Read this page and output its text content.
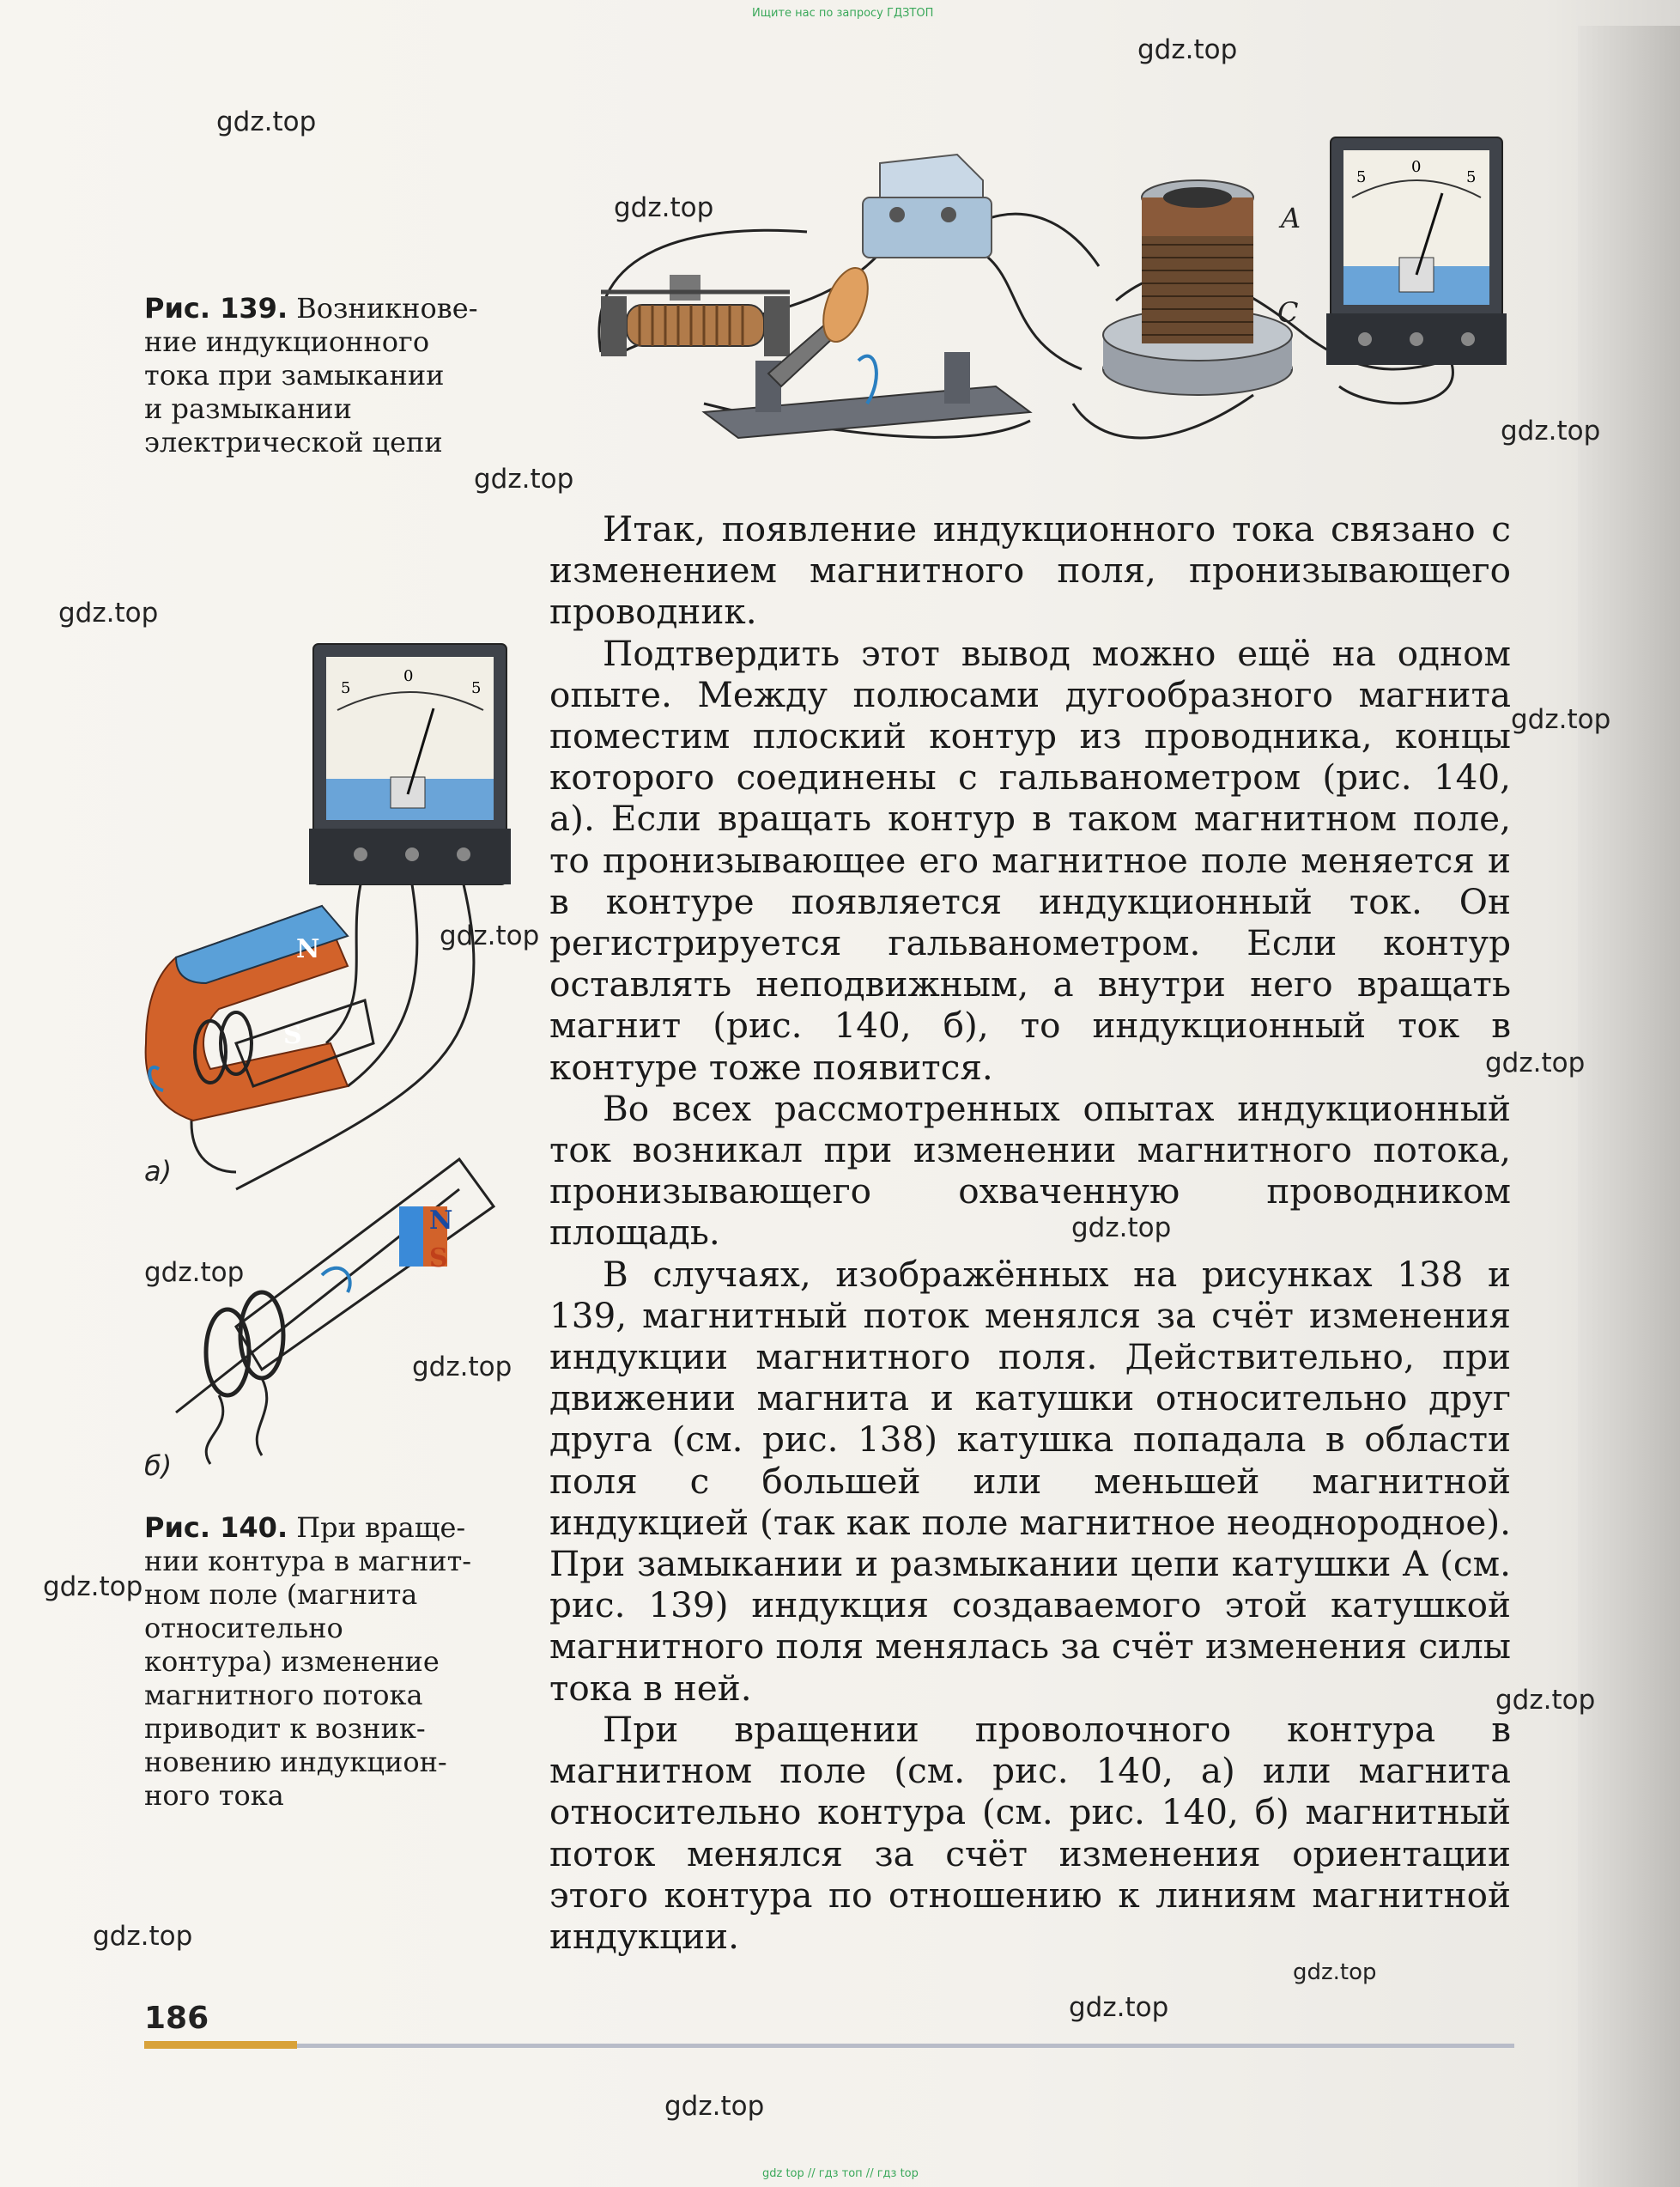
Ищите нас по запросу ГДЗТОП
A
C
5
0
5
Рис. 139. Возникнове-
ние индукционного
тока при замыкании
и размыкании
электрической цепи
5
0
5
N
S
N
S
а)
б)
Рис. 140. При враще-
нии контура в магнит-
ном поле (магнита
относительно
контура) изменение
магнитного потока
приводит к возник-
новению индукцион-
ного тока

Итак, появление индукционного тока связано с изменением магнитного поля, пронизывающего проводник.

Подтвердить этот вывод можно ещё на одном опыте. Между полюсами дугообразного магнита поместим плоский контур из проводника, концы которого соединены с гальванометром (рис. 140, а). Если вращать контур в таком магнитном поле, то пронизывающее его магнитное поле меняется и в контуре появляется индукционный ток. Он регистрируется гальванометром. Если контур оставлять неподвижным, а внутри него вращать магнит (рис. 140, б), то индукционный ток в контуре тоже появится.

Во всех рассмотренных опытах индукционный ток возникал при изменении магнитного потока, пронизывающего охваченную проводником площадь.

В случаях, изображённых на рисунках 138 и 139, магнитный поток менялся за счёт изменения индукции магнитного поля. Действительно, при движении магнита и катушки относительно друг друга (см. рис. 138) катушка попадала в области поля с большей или меньшей магнитной индукцией (так как поле магнитное неоднородное). При замыкании и размыкании цепи катушки A (см. рис. 139) индукция создаваемого этой катушкой магнитного поля менялась за счёт изменения силы тока в ней.

При вращении проволочного контура в магнитном поле (см. рис. 140, а) или магнита относительно контура (см. рис. 140, б) магнитный поток менялся за счёт изменения ориентации этого контура по отношению к линиям магнитной индукции.

186
gdz.top
gdz.top
gdz.top
gdz.top
gdz.top
gdz.top
gdz.top
gdz.top
gdz.top
gdz.top
gdz.top
gdz.top
gdz.top
gdz.top
gdz.top
gdz.top
gdz.top
gdz.top
gdz top // гдз топ // гдз top
